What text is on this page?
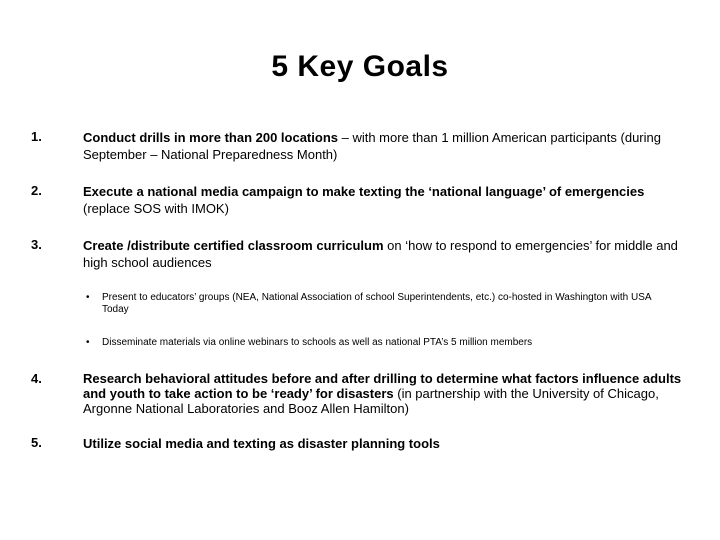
5 Key Goals
1.	Conduct drills in more than 200 locations – with more than 1 million American participants (during September – National Preparedness Month)
2.	Execute a national media campaign to make texting the ‘national language’ of emergencies (replace SOS with IMOK)
3.	Create /distribute certified classroom curriculum on ‘how to respond to emergencies’ for middle and high school audiences
• Present to educators’ groups (NEA, National Association of school Superintendents, etc.) co-hosted in Washington with USA Today
• Disseminate materials via online webinars to schools as well as national PTA’s 5 million members
4.	Research behavioral attitudes before and after drilling to determine what factors influence adults and youth to take action to be ‘ready’ for disasters (in partnership with the University of Chicago, Argonne National Laboratories and Booz Allen Hamilton)
5.	Utilize social media and texting as disaster planning tools
